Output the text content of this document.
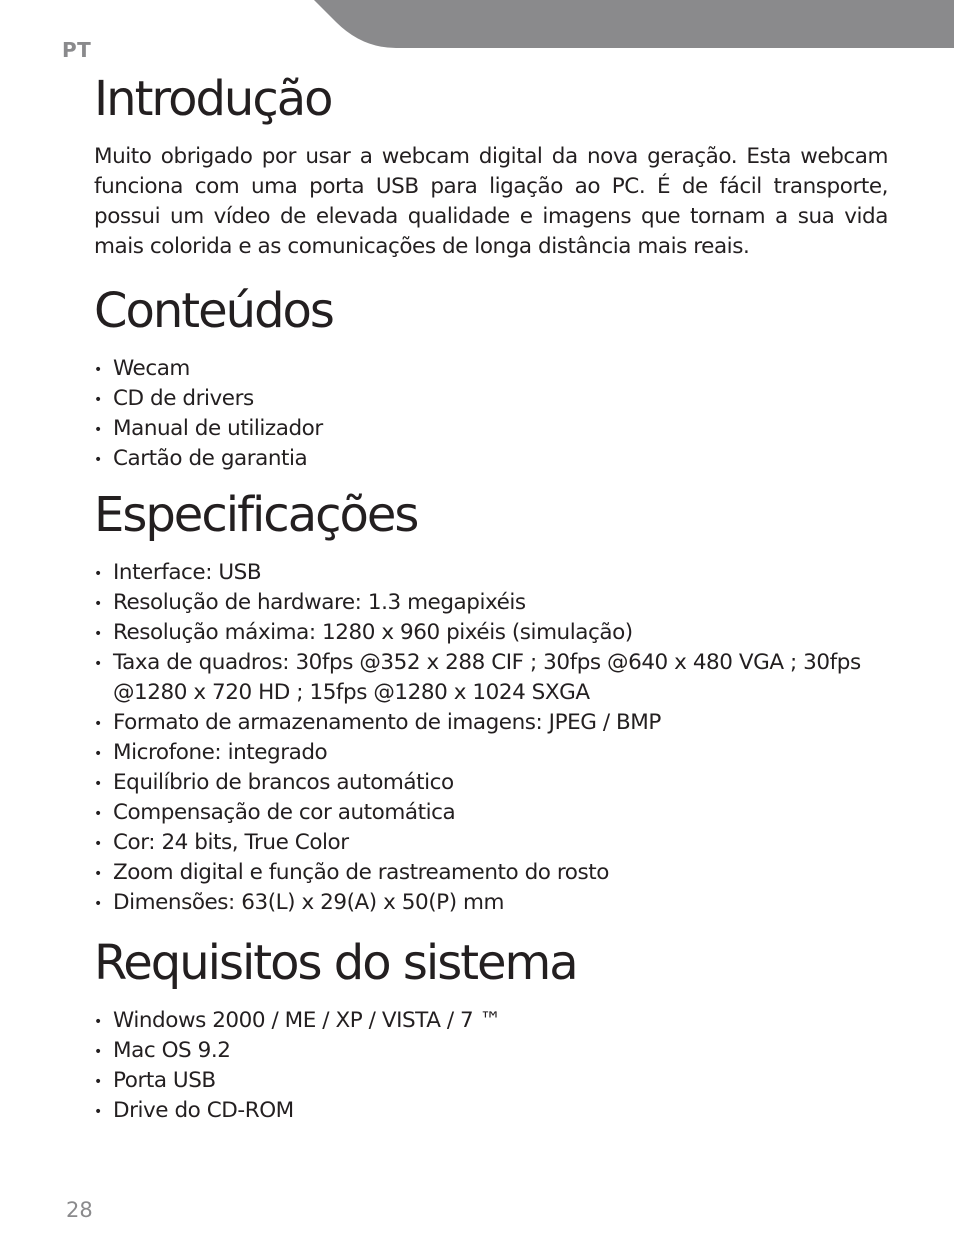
PT
Introdução

Muito obrigado por usar a webcam digital da nova geração. Esta webcam funciona com uma porta USB para ligação ao PC. É de fácil transporte, possui um vídeo de elevada qualidade e imagens que tornam a sua vida mais colorida e as comunicações de longa distância mais reais.

Conteúdos
• Wecam
• CD de drivers
• Manual de utilizador
• Cartão de garantia
Especificações
• Interface: USB
• Resolução de hardware: 1.3 megapixéis
• Resolução máxima: 1280 x 960 pixéis (simulação)
• Taxa de quadros: 30fps @352 x 288 CIF ; 30fps @640 x 480 VGA ; 30fps @1280 x 720 HD ; 15fps @1280 x 1024 SXGA
• Formato de armazenamento de imagens: JPEG / BMP
• Microfone: integrado
• Equilíbrio de brancos automático
• Compensação de cor automática
• Cor: 24 bits, True Color
• Zoom digital e função de rastreamento do rosto
• Dimensões: 63(L) x 29(A) x 50(P) mm
Requisitos do sistema
• Windows 2000 / ME / XP / VISTA / 7 ™
• Mac OS 9.2
• Porta USB
• Drive do CD-ROM
28
